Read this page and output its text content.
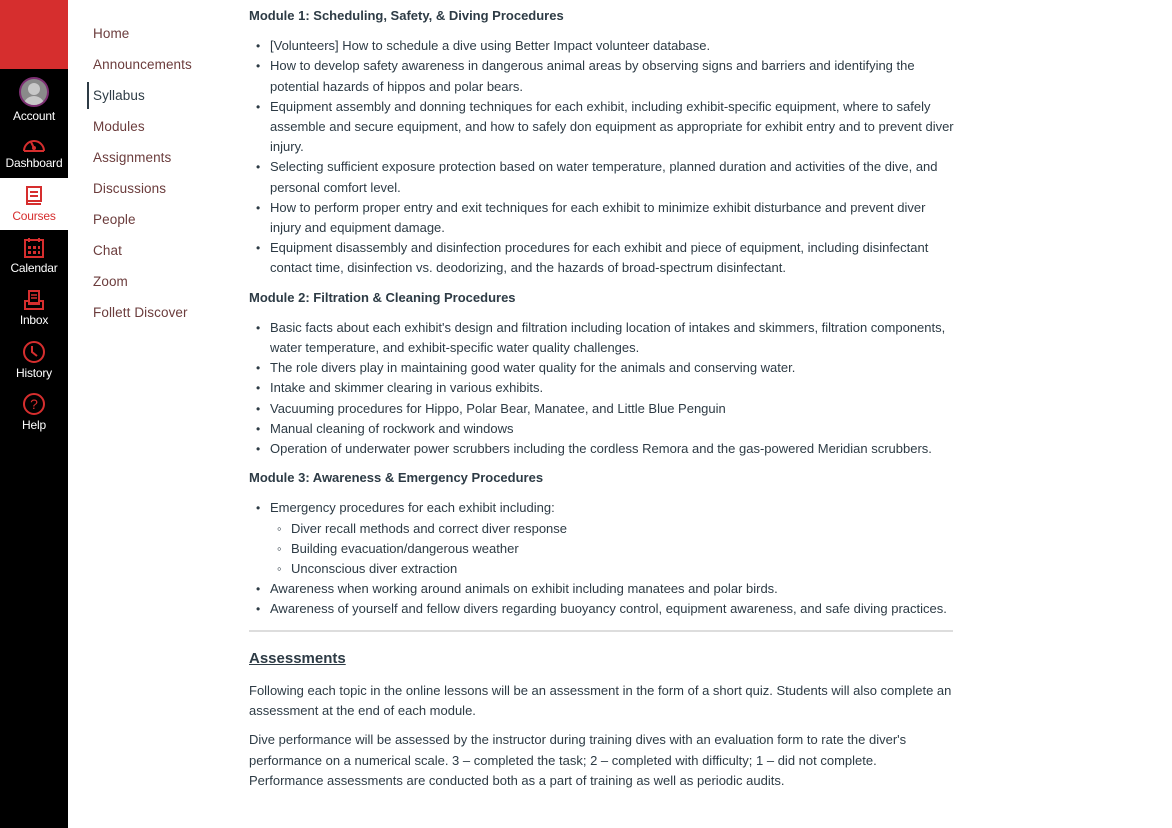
Account
Dashboard
Courses
Calendar
Inbox
History
?
Help
Home
Announcements
Syllabus
Modules
Assignments
Discussions
People
Chat
Zoom
Follett Discover
Module 1: Scheduling, Safety, & Diving Procedures
• [Volunteers] How to schedule a dive using Better Impact volunteer database.
• How to develop safety awareness in dangerous animal areas by observing signs and barriers and identifying the potential hazards of hippos and polar bears.
• Equipment assembly and donning techniques for each exhibit, including exhibit-specific equipment, where to safely assemble and secure equipment, and how to safely don equipment as appropriate for exhibit entry and to prevent diver injury.
• Selecting sufficient exposure protection based on water temperature, planned duration and activities of the dive, and personal comfort level.
• How to perform proper entry and exit techniques for each exhibit to minimize exhibit disturbance and prevent diver injury and equipment damage.
• Equipment disassembly and disinfection procedures for each exhibit and piece of equipment, including disinfectant contact time, disinfection vs. deodorizing, and the hazards of broad-spectrum disinfectant.
Module 2: Filtration & Cleaning Procedures
• Basic facts about each exhibit's design and filtration including location of intakes and skimmers, filtration components, water temperature, and exhibit-specific water quality challenges.
• The role divers play in maintaining good water quality for the animals and conserving water.
• Intake and skimmer clearing in various exhibits.
• Vacuuming procedures for Hippo, Polar Bear, Manatee, and Little Blue Penguin
• Manual cleaning of rockwork and windows
• Operation of underwater power scrubbers including the cordless Remora and the gas-powered Meridian scrubbers.
Module 3: Awareness & Emergency Procedures
• Emergency procedures for each exhibit including:
◦ Diver recall methods and correct diver response
◦ Building evacuation/dangerous weather
◦ Unconscious diver extraction
• Awareness when working around animals on exhibit including manatees and polar birds.
• Awareness of yourself and fellow divers regarding buoyancy control, equipment awareness, and safe diving practices.
Assessments

Following each topic in the online lessons will be an assessment in the form of a short quiz. Students will also complete an assessment at the end of each module.

Dive performance will be assessed by the instructor during training dives with an evaluation form to rate the diver's performance on a numerical scale. 3 – completed the task; 2 – completed with difficulty; 1 – did not complete. Performance assessments are conducted both as a part of training as well as periodic audits.
